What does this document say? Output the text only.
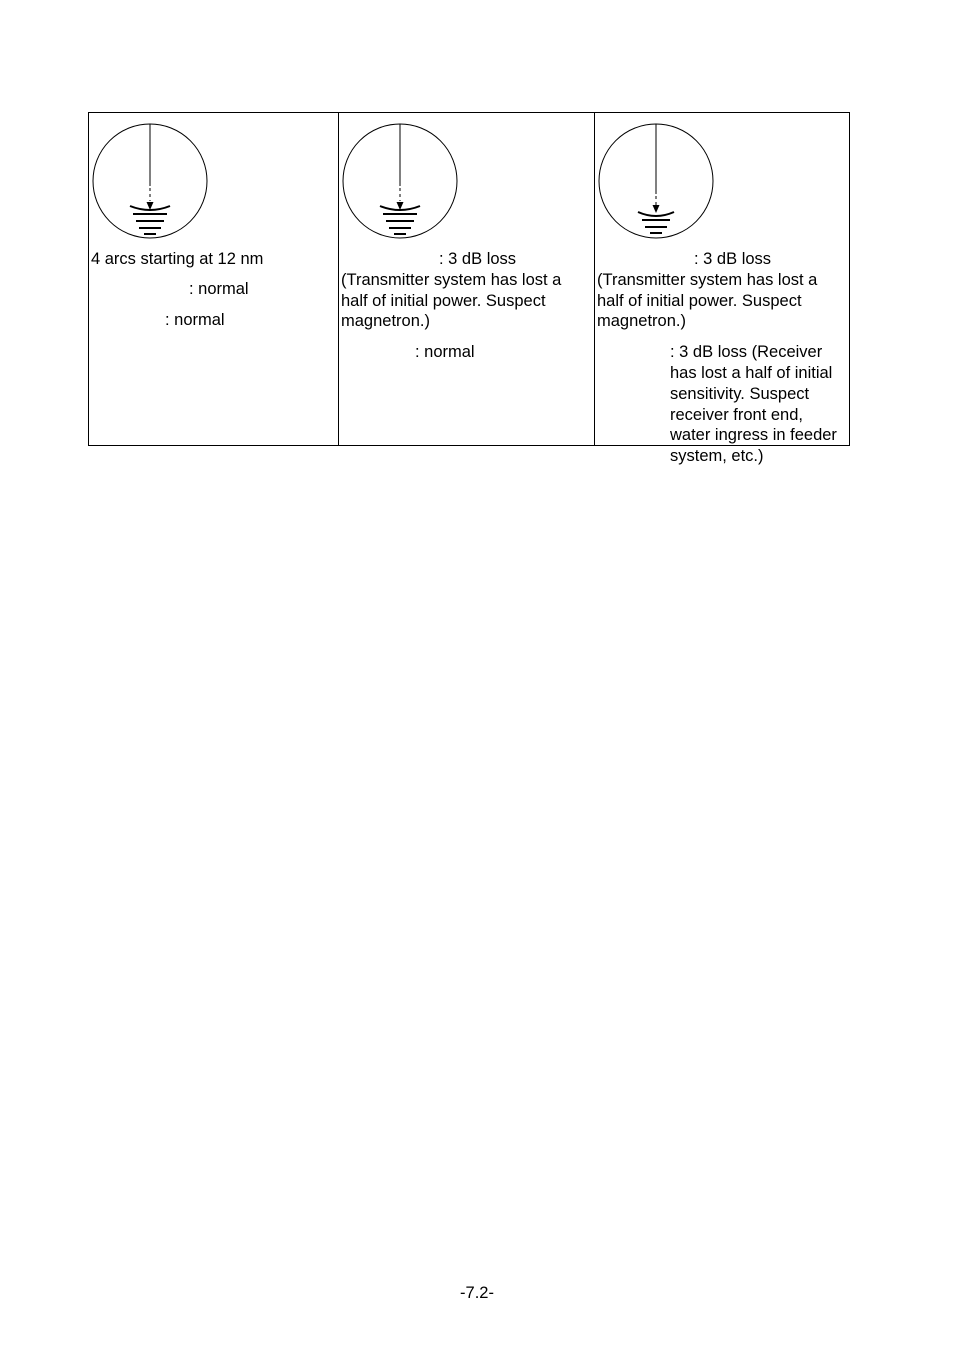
4 arcs starting at 12 nm

: normal

: normal

: 3 dB loss
(Transmitter system has lost a half of initial power. Suspect magnetron.)

: normal

: 3 dB loss
(Transmitter system has lost a half of initial power. Suspect magnetron.)

: 3 dB loss (Receiver has lost a half of initial sensitivity. Suspect receiver front end, water ingress in feeder system, etc.)

-7.2-
